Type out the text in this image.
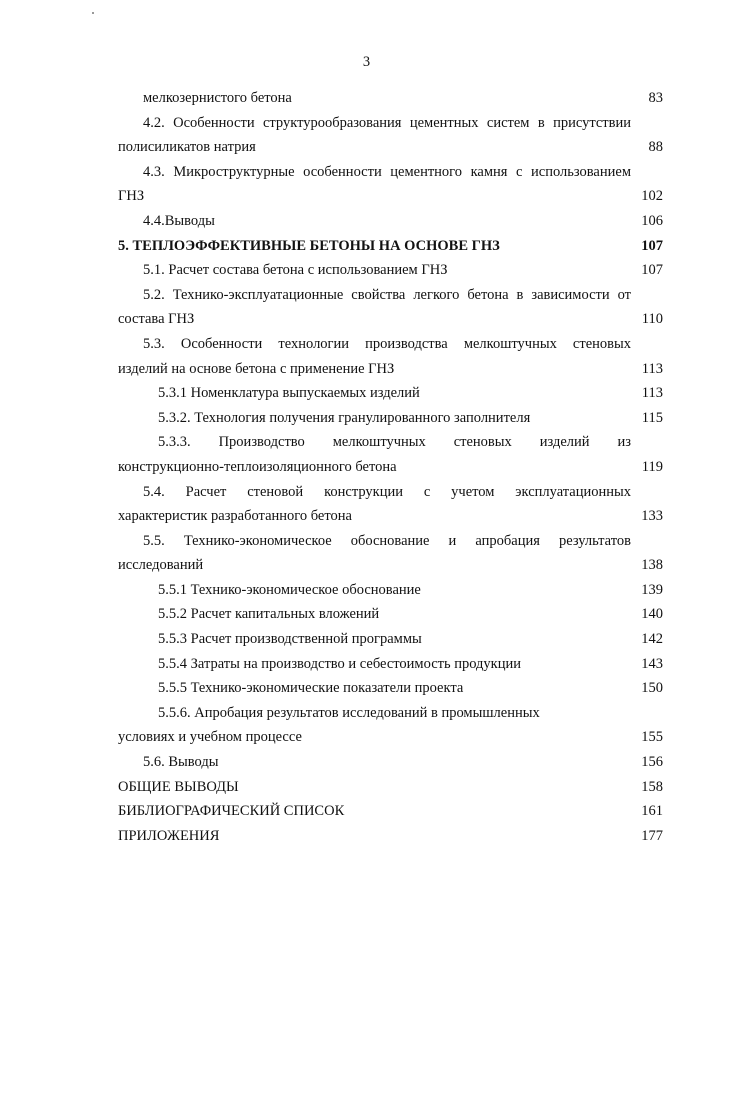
3
мелкозернистого бетона	83
4.2. Особенности структурообразования цементных систем в присутствии
полисиликатов натрия	88
4.3. Микроструктурные особенности цементного камня с использованием
ГНЗ	102
4.4.Выводы	106
5. ТЕПЛОЭФФЕКТИВНЫЕ БЕТОНЫ НА ОСНОВЕ ГНЗ	107
5.1. Расчет состава бетона с использованием ГНЗ	107
5.2. Технико-эксплуатационные свойства легкого бетона в зависимости от
состава ГНЗ	110
5.3. Особенности технологии производства мелкоштучных стеновых
изделий на основе бетона с применение ГНЗ	113
5.3.1 Номенклатура выпускаемых изделий	113
5.3.2. Технология получения гранулированного заполнителя	115
5.3.3. Производство мелкоштучных стеновых изделий из
конструкционно-теплоизоляционного бетона	119
5.4. Расчет стеновой конструкции с учетом эксплуатационных
характеристик разработанного бетона	133
5.5. Технико-экономическое обоснование и апробация результатов
исследований	138
5.5.1 Технико-экономическое обоснование	139
5.5.2 Расчет капитальных вложений	140
5.5.3 Расчет производственной программы	142
5.5.4 Затраты на производство и себестоимость продукции	143
5.5.5 Технико-экономические показатели проекта	150
5.5.6. Апробация результатов исследований в промышленных
условиях и учебном процессе	155
5.6. Выводы	156
ОБЩИЕ ВЫВОДЫ	158
БИБЛИОГРАФИЧЕСКИЙ СПИСОК	161
ПРИЛОЖЕНИЯ	177
